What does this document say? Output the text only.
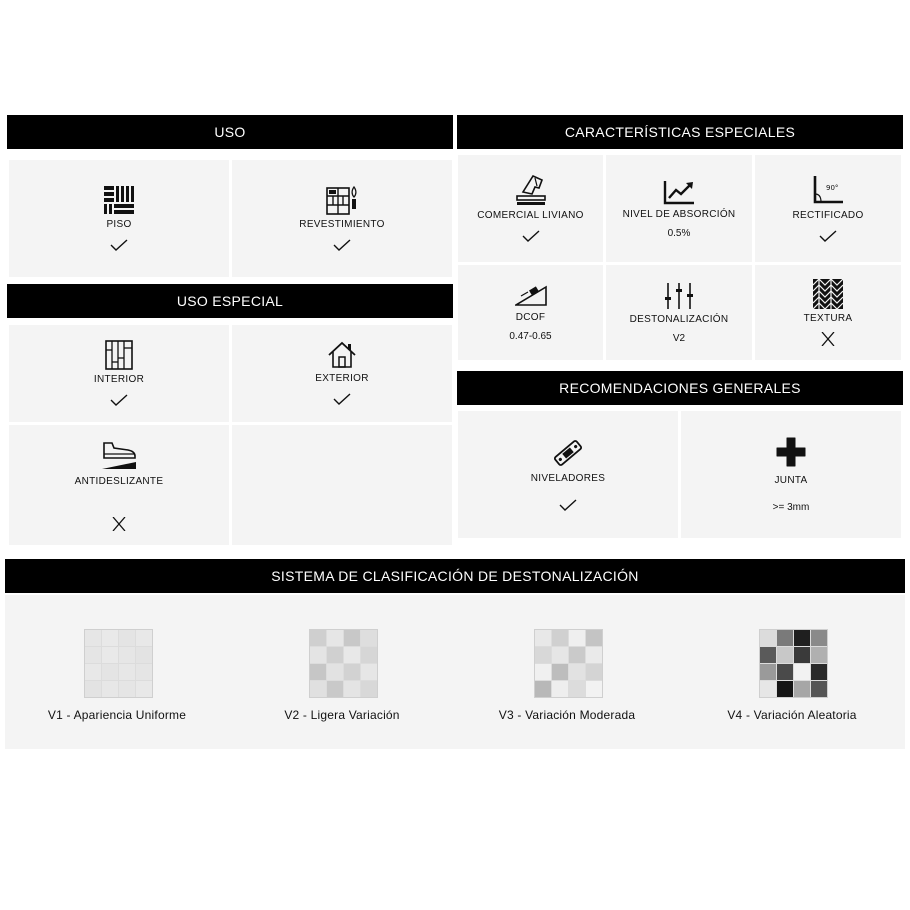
USO
PISO	REVESTIMIENTO
USO ESPECIAL
INTERIOR	EXTERIOR
ANTIDESLIZANTE
CARACTERÍSTICAS ESPECIALES
COMERCIAL LIVIANO	NIVEL DE ABSORCIÓN
0.5%
90°
RECTIFICADO
DCOF
0.47-0.65
DESTONALIZACIÓN
V2
TEXTURA
RECOMENDACIONES GENERALES
NIVELADORES	JUNTA
>= 3mm
SISTEMA DE CLASIFICACIÓN DE DESTONALIZACIÓN
V1 - Apariencia Uniforme	V2 - Ligera Variación	V3 - Variación Moderada	V4 - Variación Aleatoria
